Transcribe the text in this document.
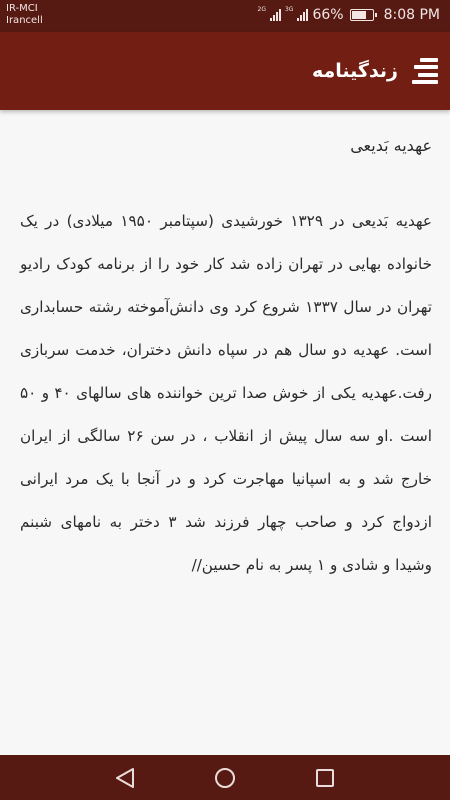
IR-MCI
Irancell
2G	3G 66%	8:08 PM
زندگینامه
عهدیه بَدیعی
عهدیه بَدیعی در ۱۳۲۹ خورشیدی (سپتامبر ۱۹۵۰ میلادی) در یک خانواده بهایی در تهران زاده شد کار خود را از برنامه کودک رادیو تهران در سال ۱۳۳۷ شروع کرد وی دانش‌آموخته رشته حسابداری است. عهدیه دو سال هم در سپاه دانش دختران، خدمت سربازی رفت.عهدیه یکی از خوش صدا ترین خواننده های سالهای ۴۰ و ۵۰ است .او سه سال پیش از انقلاب ، در سن ۲۶ سالگی از ایران خارج شد و به اسپانیا مهاجرت کرد و در آنجا با یک مرد ایرانی ازدواج کرد و صاحب چهار فرزند شد ۳ دختر به نامهای شبنم وشیدا و شادی و ۱ پسر به نام حسین//
